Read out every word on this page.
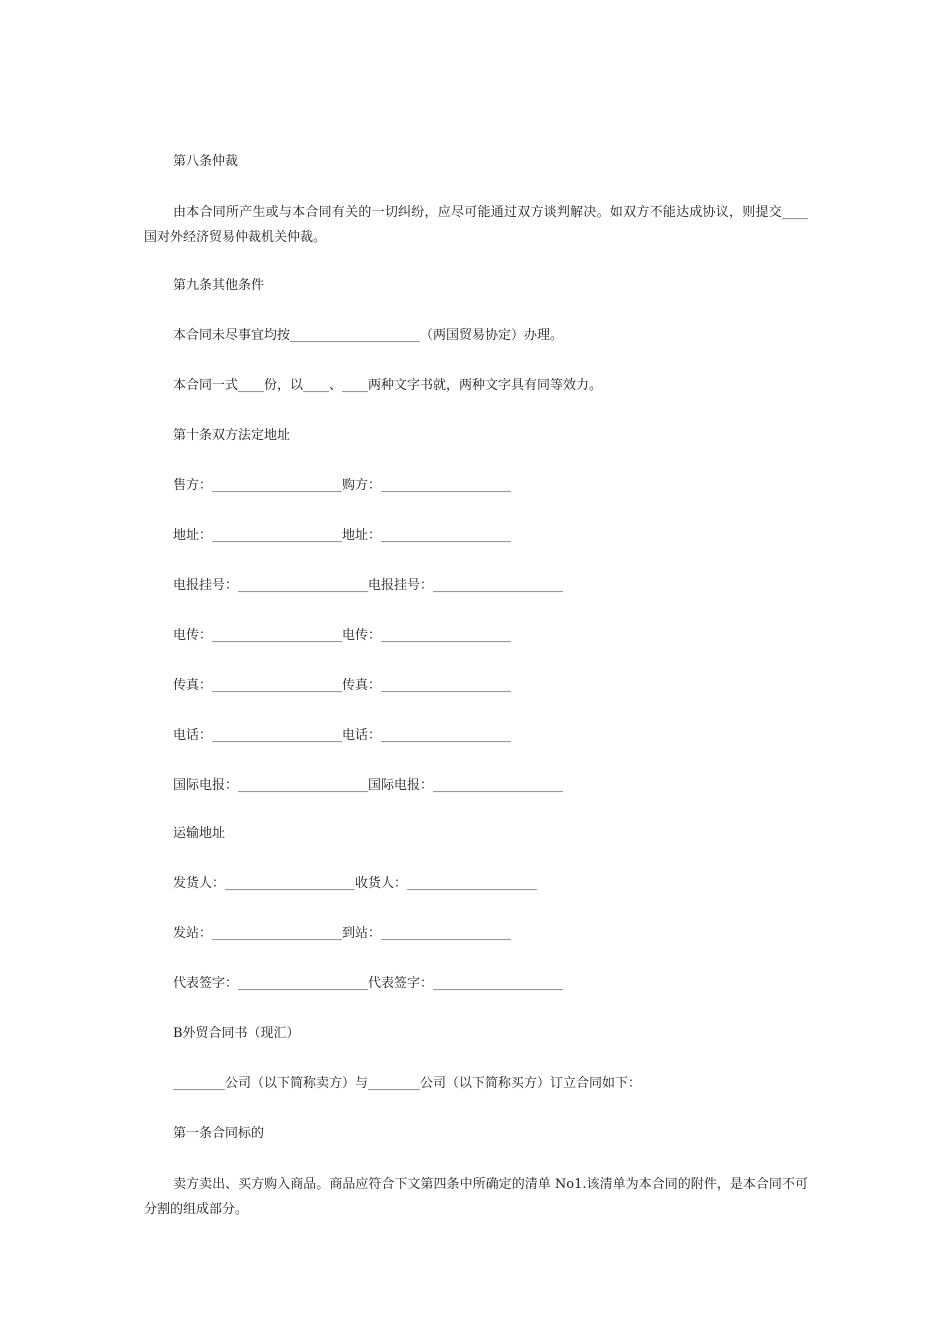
第八条仲裁

由本合同所产生或与本合同有关的一切纠纷，应尽可能通过双方谈判解决。如双方不能达成协议，则提交____国对外经济贸易仲裁机关仲裁。

第九条其他条件

本合同未尽事宜均按____________________（两国贸易协定）办理。

本合同一式____份，以____、____两种文字书就，两种文字具有同等效力。

第十条双方法定地址

售方：____________________购方：____________________

地址：____________________地址：____________________

电报挂号：____________________电报挂号：____________________

电传：____________________电传：____________________

传真：____________________传真：____________________

电话：____________________电话：____________________

国际电报：____________________国际电报：____________________

运输地址

发货人：____________________收货人：____________________

发站：____________________到站：____________________

代表签字：____________________代表签字：____________________

B外贸合同书（现汇）

________公司（以下简称卖方）与________公司（以下简称买方）订立合同如下：

第一条合同标的

卖方卖出、买方购入商品。商品应符合下文第四条中所确定的清单 No1.该清单为本合同的附件，是本合同不可分割的组成部分。
